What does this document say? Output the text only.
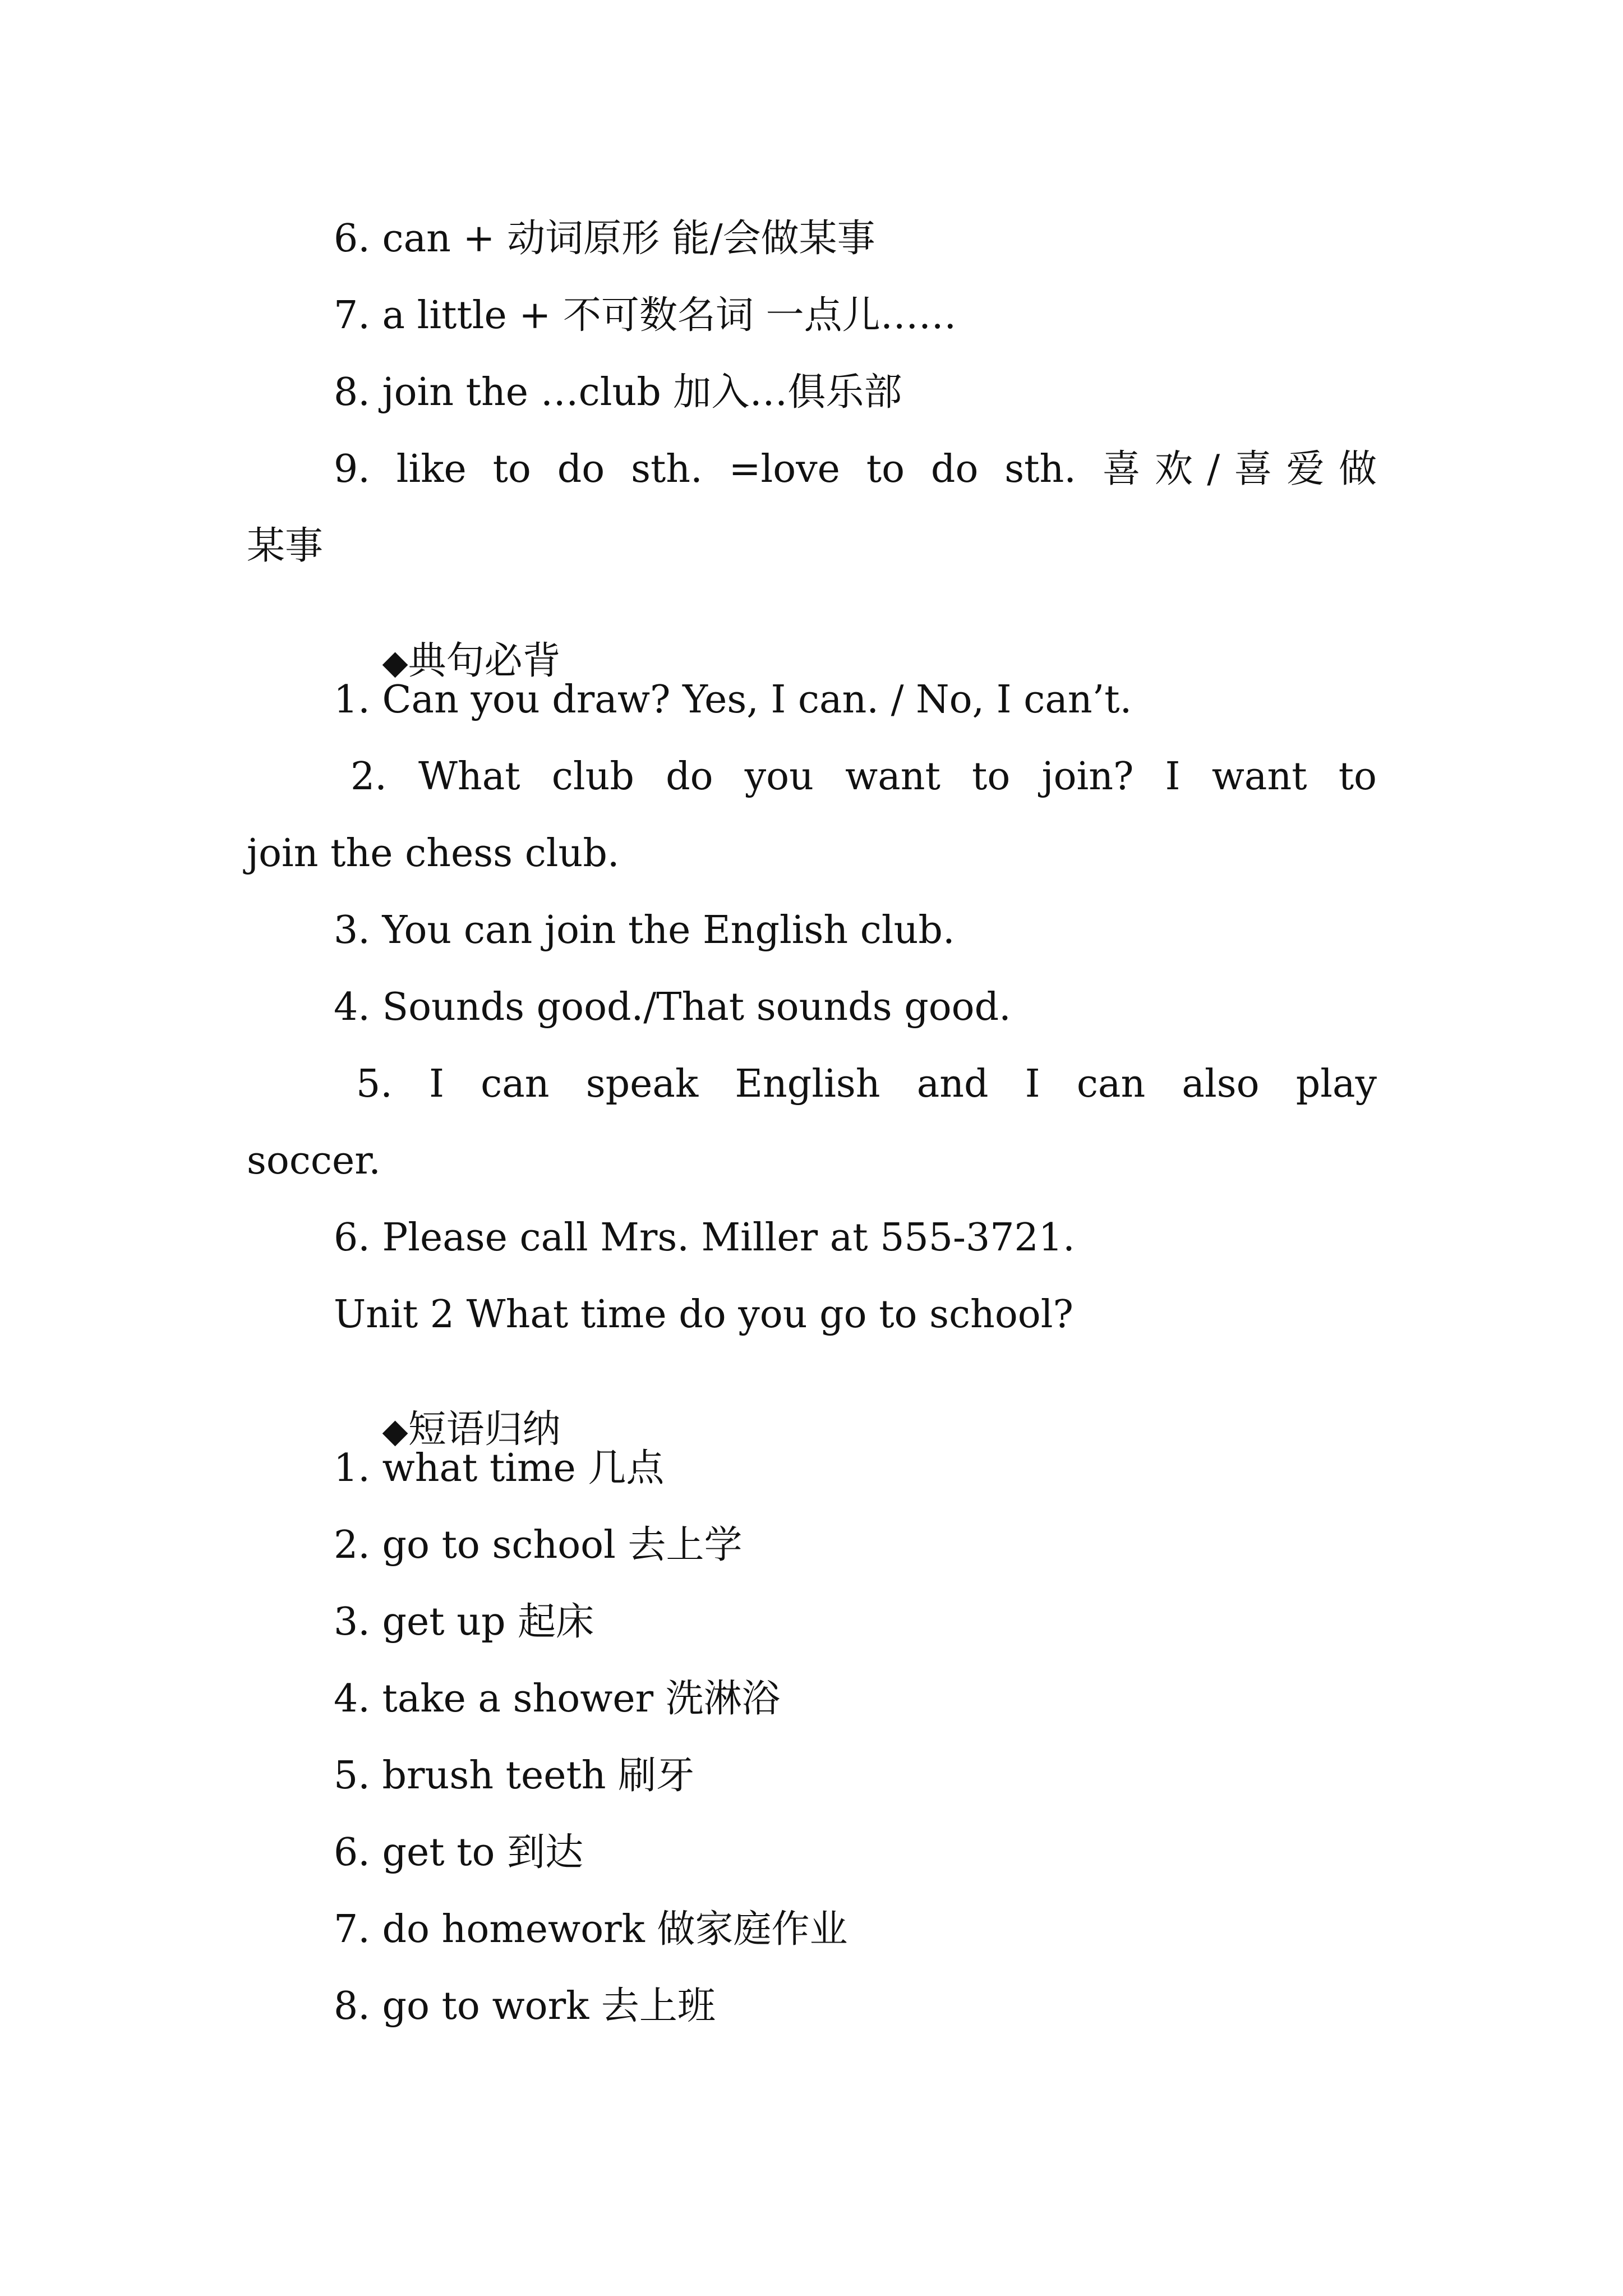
6. can + 动词原形 能/会做某事

7. a little + 不可数名词 一点儿……

8. join the …club 加入…俱乐部

9. like to do sth. =love to do sth. 喜欢/喜爱做

某事

◆典句必背

1. Can you draw? Yes, I can. / No, I can’t.

2. What club do you want to join? I want to

join the chess club.

3. You can join the English club.

4. Sounds good./That sounds good.

5. I can speak English and I can also play

soccer.

6. Please call Mrs. Miller at 555-3721.

Unit 2 What time do you go to school?

◆短语归纳

1. what time 几点

2. go to school 去上学

3. get up 起床

4. take a shower 洗淋浴

5. brush teeth 刷牙

6. get to 到达

7. do homework 做家庭作业

8. go to work 去上班
